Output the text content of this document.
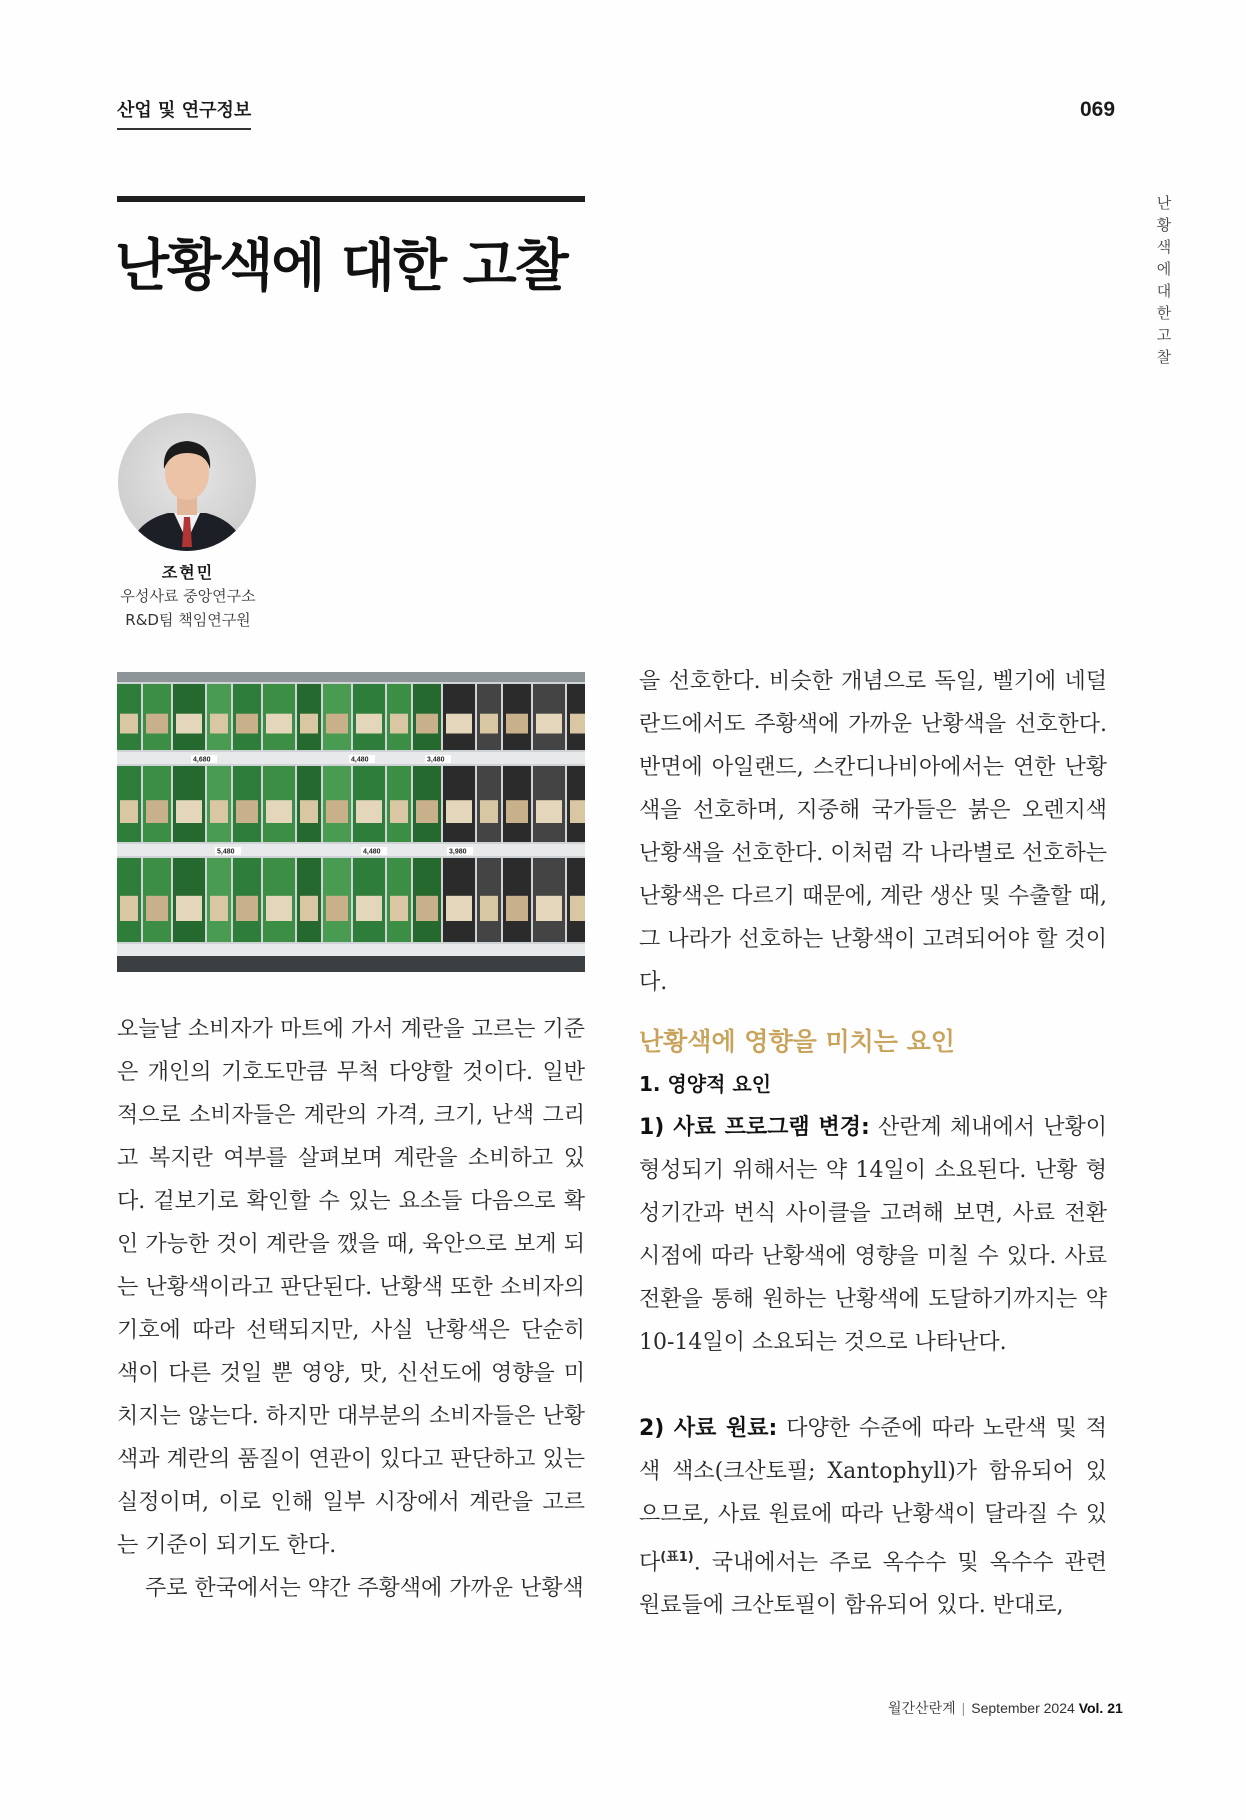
산업 및 연구정보	069
난황색에 대한 고찰
난황색에 대한 고찰
조현민
우성사료 중앙연구소
R&D팀 책임연구원
4,680	4,480	3,480
5,480	4,480	3,980

오늘날 소비자가 마트에 가서 계란을 고르는 기준은 개인의 기호도만큼 무척 다양할 것이다. 일반적으로 소비자들은 계란의 가격, 크기, 난색 그리고 복지란 여부를 살펴보며 계란을 소비하고 있다. 겉보기로 확인할 수 있는 요소들 다음으로 확인 가능한 것이 계란을 깼을 때, 육안으로 보게 되는 난황색이라고 판단된다. 난황색 또한 소비자의 기호에 따라 선택되지만, 사실 난황색은 단순히 색이 다른 것일 뿐 영양, 맛, 신선도에 영향을 미치지는 않는다. 하지만 대부분의 소비자들은 난황색과 계란의 품질이 연관이 있다고 판단하고 있는 실정이며, 이로 인해 일부 시장에서 계란을 고르는 기준이 되기도 한다.

주로 한국에서는 약간 주황색에 가까운 난황색

을 선호한다. 비슷한 개념으로 독일, 벨기에 네덜란드에서도 주황색에 가까운 난황색을 선호한다. 반면에 아일랜드, 스칸디나비아에서는 연한 난황색을 선호하며, 지중해 국가들은 붉은 오렌지색 난황색을 선호한다. 이처럼 각 나라별로 선호하는 난황색은 다르기 때문에, 계란 생산 및 수출할 때, 그 나라가 선호하는 난황색이 고려되어야 할 것이다.

난황색에 영향을 미치는 요인
1. 영양적 요인

1) 사료 프로그램 변경: 산란계 체내에서 난황이 형성되기 위해서는 약 14일이 소요된다. 난황 형성기간과 번식 사이클을 고려해 보면, 사료 전환 시점에 따라 난황색에 영향을 미칠 수 있다. 사료 전환을 통해 원하는 난황색에 도달하기까지는 약 10-14일이 소요되는 것으로 나타난다.

2) 사료 원료: 다양한 수준에 따라 노란색 및 적색 색소(크산토필; Xantophyll)가 함유되어 있으므로, 사료 원료에 따라 난황색이 달라질 수 있다$^{(표1)}$. 국내에서는 주로 옥수수 및 옥수수 관련 원료들에 크산토필이 함유되어 있다. 반대로,

월간산란계 | September 2024 Vol. 21
